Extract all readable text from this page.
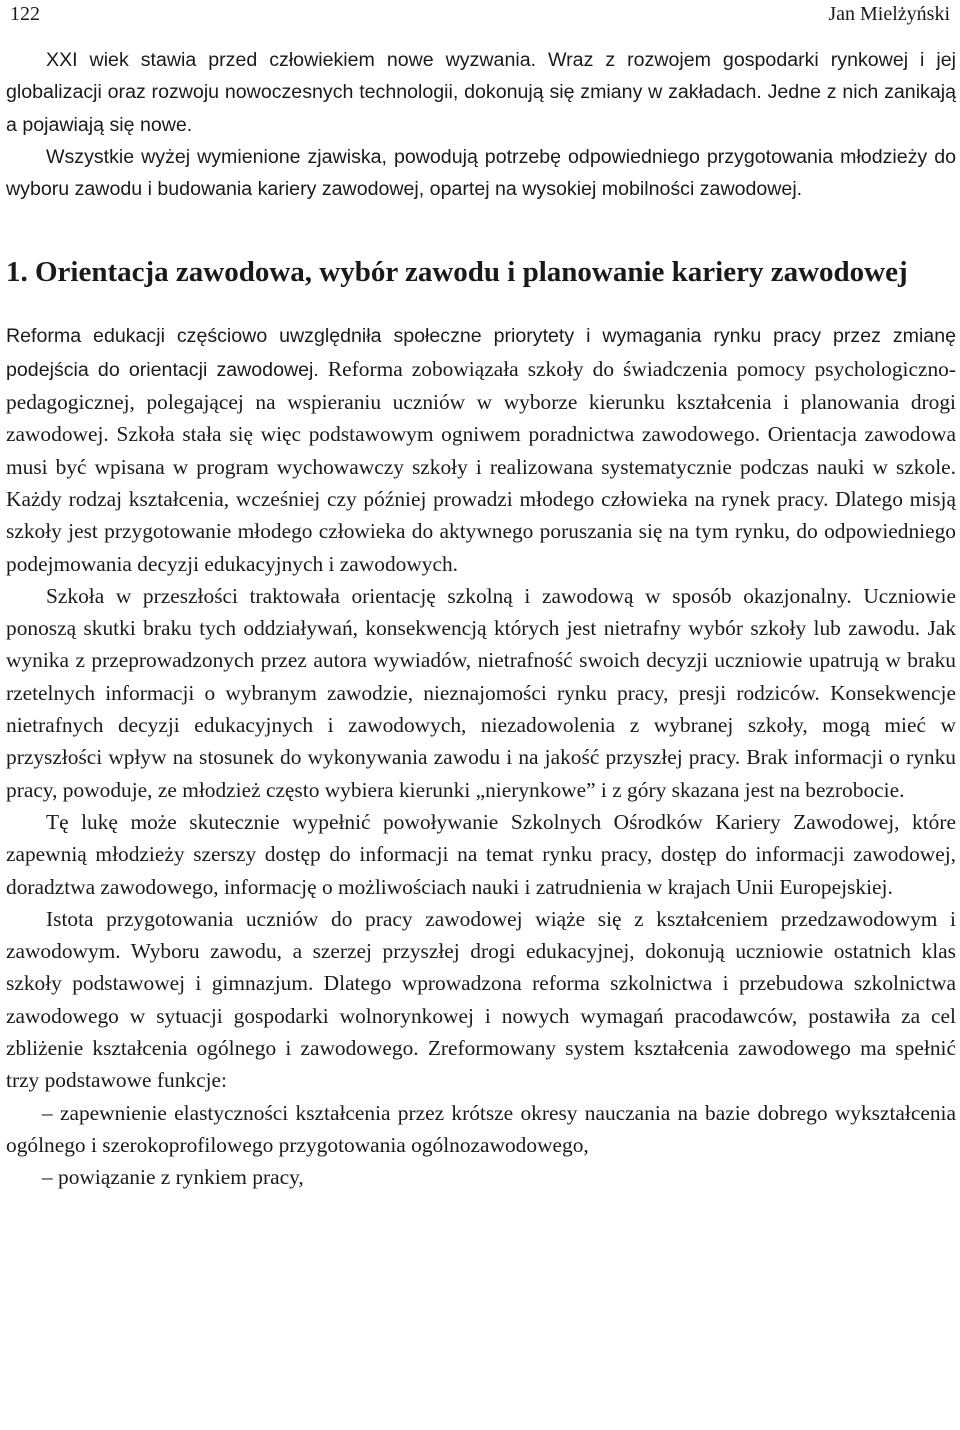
122	Jan Mielżyński

XXI wiek stawia przed człowiekiem nowe wyzwania. Wraz z rozwojem gospodarki rynkowej i jej globalizacji oraz rozwoju nowoczesnych technologii, dokonują się zmiany w zakładach. Jedne z nich zanikają a pojawiają się nowe.

Wszystkie wyżej wymienione zjawiska, powodują potrzebę odpowiedniego przygotowania młodzieży do wyboru zawodu i budowania kariery zawodowej, opartej na wysokiej mobilności zawodowej.

1. Orientacja zawodowa, wybór zawodu i planowanie kariery zawodowej

Reforma edukacji częściowo uwzględniła społeczne priorytety i wymagania rynku pracy przez zmianę podejścia do orientacji zawodowej. Reforma zobowiązała szkoły do świadczenia pomocy psychologiczno-pedagogicznej, polegającej na wspieraniu uczniów w wyborze kierunku kształcenia i planowania drogi zawodowej. Szkoła stała się więc podstawowym ogniwem poradnictwa zawodowego. Orientacja zawodowa musi być wpisana w program wychowawczy szkoły i realizowana systematycznie podczas nauki w szkole. Każdy rodzaj kształcenia, wcześniej czy później prowadzi młodego człowieka na rynek pracy. Dlatego misją szkoły jest przygotowanie młodego człowieka do aktywnego poruszania się na tym rynku, do odpowiedniego podejmowania decyzji edukacyjnych i zawodowych.

Szkoła w przeszłości traktowała orientację szkolną i zawodową w sposób okazjonalny. Uczniowie ponoszą skutki braku tych oddziaływań, konsekwencją których jest nietrafny wybór szkoły lub zawodu. Jak wynika z przeprowadzonych przez autora wywiadów, nietrafność swoich decyzji uczniowie upatrują w braku rzetelnych informacji o wybranym zawodzie, nieznajomości rynku pracy, presji rodziców. Konsekwencje nietrafnych decyzji edukacyjnych i zawodowych, niezadowolenia z wybranej szkoły, mogą mieć w przyszłości wpływ na stosunek do wykonywania zawodu i na jakość przyszłej pracy. Brak informacji o rynku pracy, powoduje, ze młodzież często wybiera kierunki „nierynkowe” i z góry skazana jest na bezrobocie.

Tę lukę może skutecznie wypełnić powoływanie Szkolnych Ośrodków Kariery Zawodowej, które zapewnią młodzieży szerszy dostęp do informacji na temat rynku pracy, dostęp do informacji zawodowej, doradztwa zawodowego, informację o możliwościach nauki i zatrudnienia w krajach Unii Europejskiej.

Istota przygotowania uczniów do pracy zawodowej wiąże się z kształceniem przedzawodowym i zawodowym. Wyboru zawodu, a szerzej przyszłej drogi edukacyjnej, dokonują uczniowie ostatnich klas szkoły podstawowej i gimnazjum. Dlatego wprowadzona reforma szkolnictwa i przebudowa szkolnictwa zawodowego w sytuacji gospodarki wolnorynkowej i nowych wymagań pracodawców, postawiła za cel zbliżenie kształcenia ogólnego i zawodowego. Zreformowany system kształcenia zawodowego ma spełnić trzy podstawowe funkcje:

– zapewnienie elastyczności kształcenia przez krótsze okresy nauczania na bazie dobrego wykształcenia ogólnego i szerokoprofilowego przygotowania ogólnozawodowego,

– powiązanie z rynkiem pracy,
